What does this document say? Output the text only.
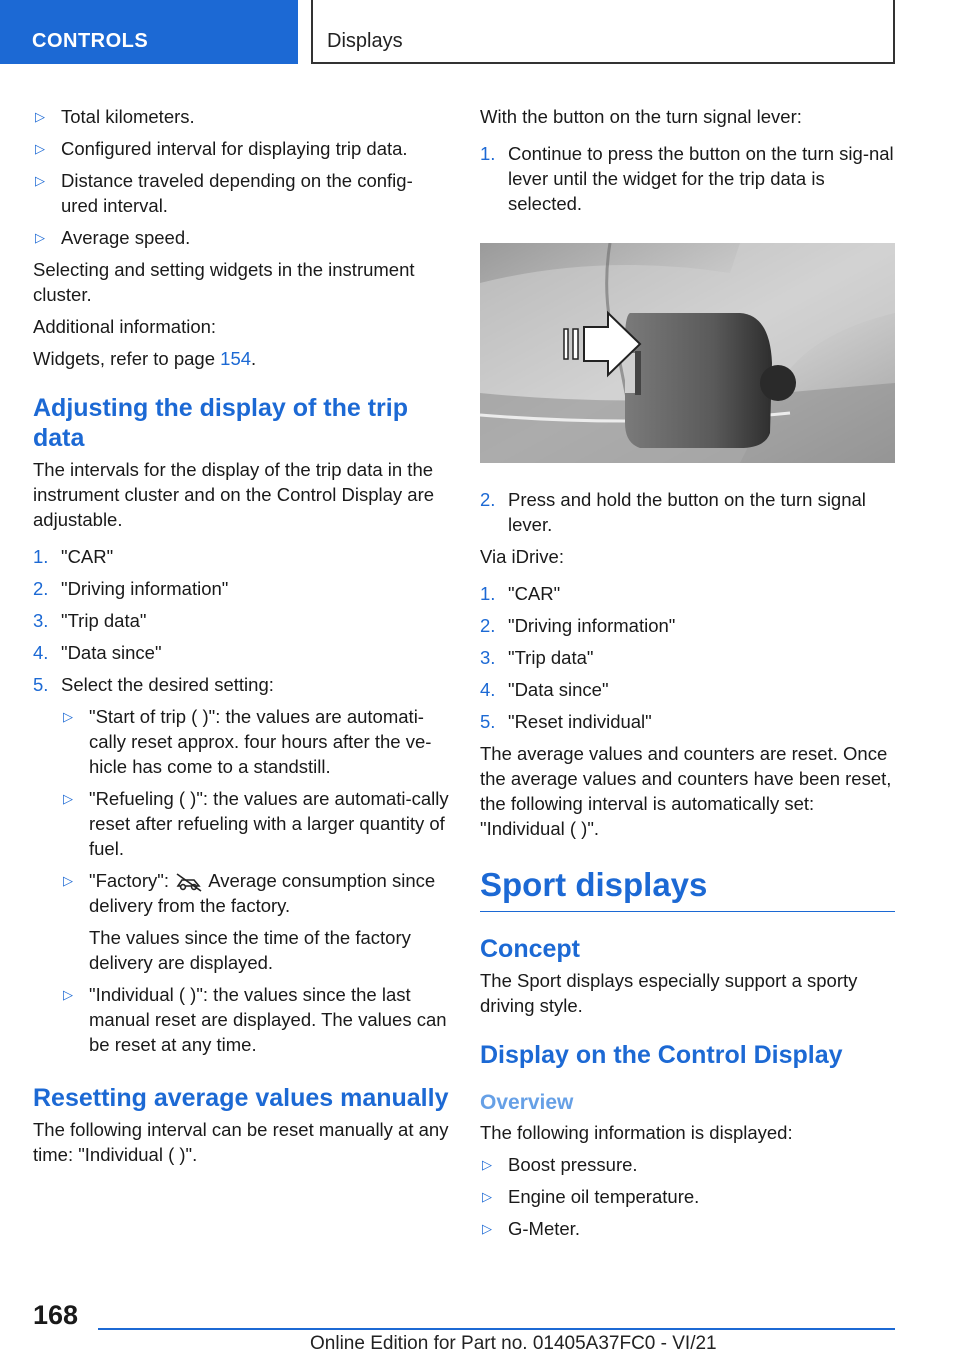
CONTROLS	Displays
▷ Total kilometers.
▷ Configured interval for displaying trip data.
▷ Distance traveled depending on the config‐ured interval.
▷ Average speed.

Selecting and setting widgets in the instrument cluster.

Additional information:

Widgets, refer to page 154.

Adjusting the display of the trip data

The intervals for the display of the trip data in the instrument cluster and on the Control Display are adjustable.

1. "CAR"
2. "Driving information"
3. "Trip data"
4. "Data since"
5. Select the desired setting:
▷ "Start of trip ( )": the values are automati‐cally reset approx. four hours after the ve‐hicle has come to a standstill.
▷ "Refueling ( )": the values are automati‐cally reset after refueling with a larger quantity of fuel.
▷ "Factory":  Average consumption since delivery from the factory.
The values since the time of the factory delivery are displayed.
▷ "Individual ( )": the values since the last manual reset are displayed. The values can be reset at any time.
Resetting average values manually

The following interval can be reset manually at any time: "Individual ( )".

With the button on the turn signal lever:

1. Continue to press the button on the turn sig‐nal lever until the widget for the trip data is selected.
2. Press and hold the button on the turn signal lever.

Via iDrive:

1. "CAR"
2. "Driving information"
3. "Trip data"
4. "Data since"
5. "Reset individual"

The average values and counters are reset. Once the average values and counters have been reset, the following interval is automatically set: "Individual ( )".

Sport displays
Concept

The Sport displays especially support a sporty driving style.

Display on the Control Display
Overview

The following information is displayed:

▷ Boost pressure.
▷ Engine oil temperature.
▷ G-Meter.
168
Online Edition for Part no. 01405A37FC0 - VI/21
